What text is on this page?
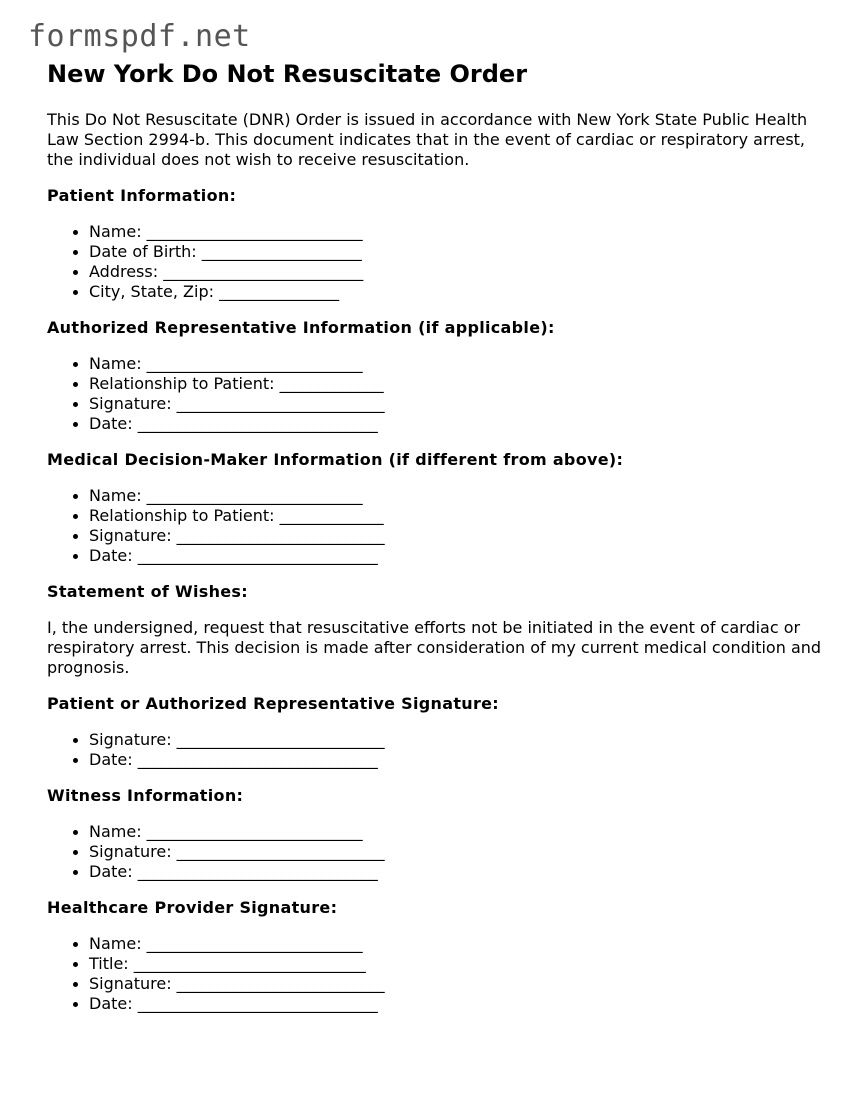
formspdf.net
New York Do Not Resuscitate Order

This Do Not Resuscitate (DNR) Order is issued in accordance with New York State Public Health Law Section 2994-b. This document indicates that in the event of cardiac or respiratory arrest, the individual does not wish to receive resuscitation.

Patient Information:
Name: ___________________________
Date of Birth: ____________________
Address: _________________________
City, State, Zip: _______________
Authorized Representative Information (if applicable):
Name: ___________________________
Relationship to Patient: _____________
Signature: __________________________
Date: ______________________________
Medical Decision-Maker Information (if different from above):
Name: ___________________________
Relationship to Patient: _____________
Signature: __________________________
Date: ______________________________
Statement of Wishes:

I, the undersigned, request that resuscitative efforts not be initiated in the event of cardiac or respiratory arrest. This decision is made after consideration of my current medical condition and prognosis.

Patient or Authorized Representative Signature:
Signature: __________________________
Date: ______________________________
Witness Information:
Name: ___________________________
Signature: __________________________
Date: ______________________________
Healthcare Provider Signature:
Name: ___________________________
Title: _____________________________
Signature: __________________________
Date: ______________________________
